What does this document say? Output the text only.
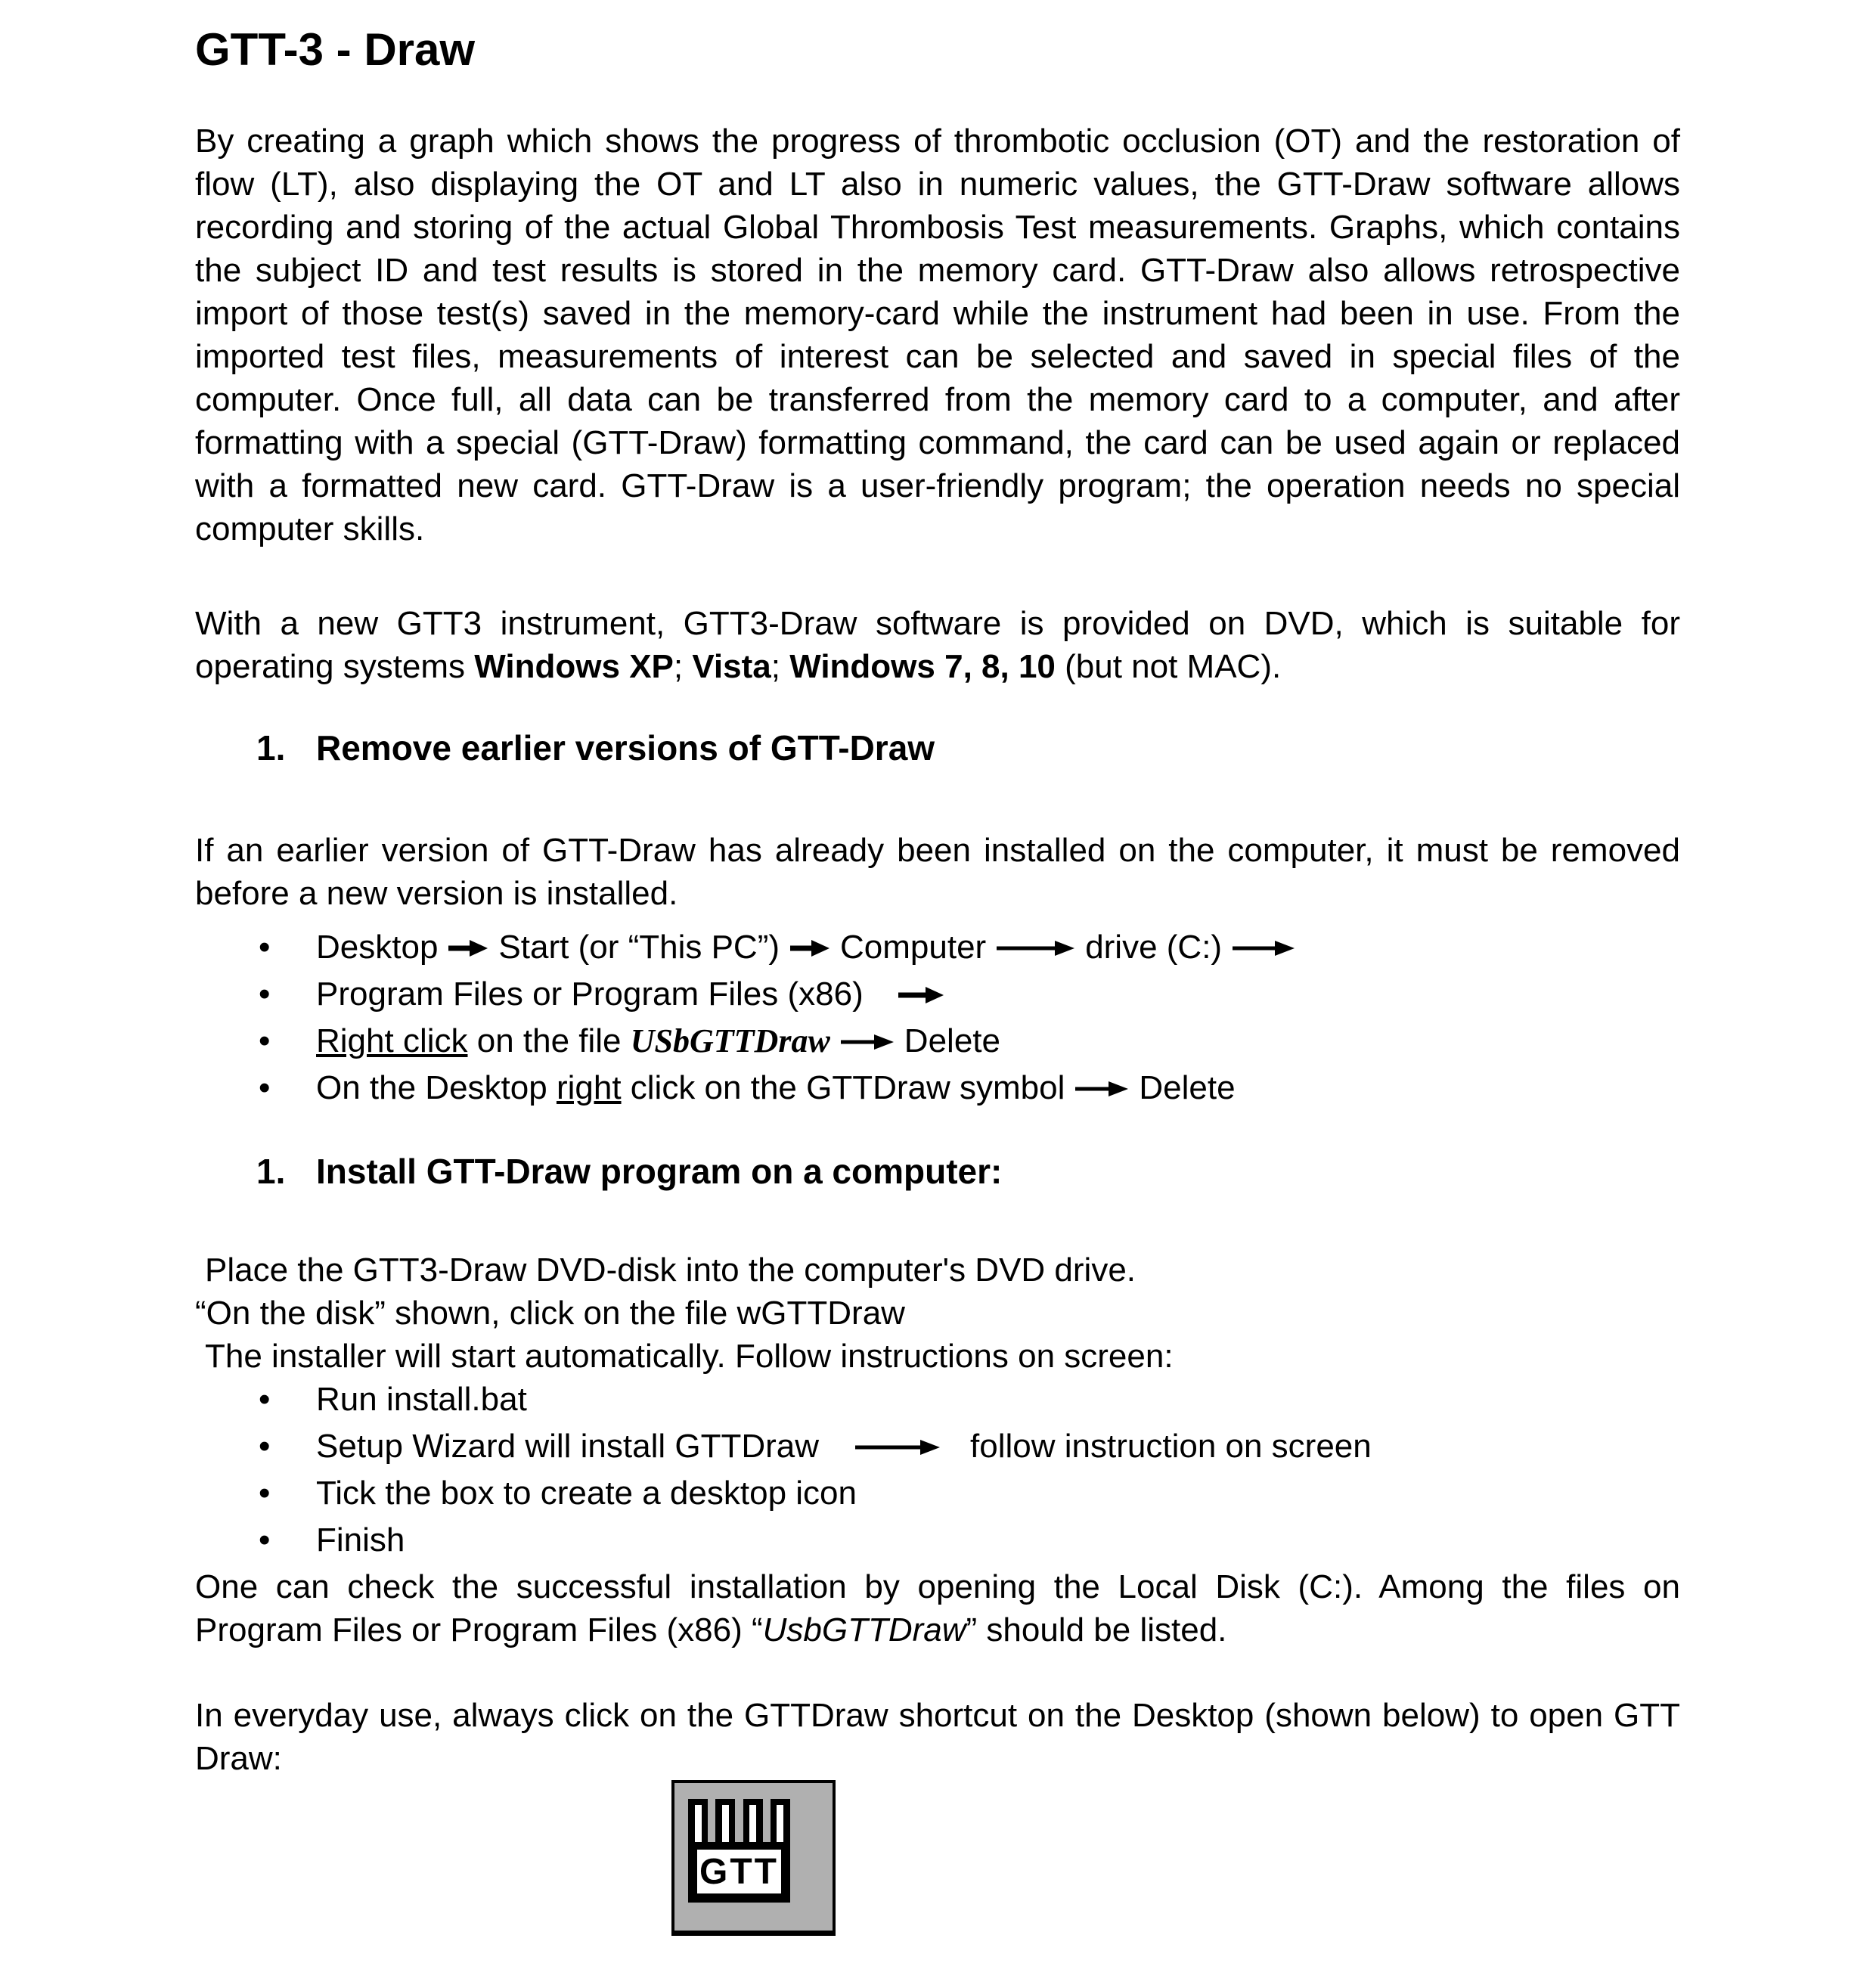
GTT-3 - Draw

By creating a graph which shows the progress of thrombotic occlusion (OT) and the restoration of flow (LT), also displaying the OT and LT also in numeric values, the GTT-Draw software allows recording and storing of the actual Global Thrombosis Test measurements. Graphs, which contains the subject ID and test results is stored in the memory card. GTT-Draw also allows retrospective import of those test(s) saved in the memory-card while the instrument had been in use. From the imported test files, measurements of interest can be selected and saved in special files of the computer. Once full, all data can be transferred from the memory card to a computer, and after formatting with a special (GTT-Draw) formatting command, the card can be used again or replaced with a formatted new card. GTT-Draw is a user-friendly program; the operation needs no special computer skills.

With a new GTT3 instrument, GTT3-Draw software is provided on DVD, which is suitable for operating systems Windows XP; Vista; Windows 7, 8, 10 (but not MAC).

1. Remove earlier versions of GTT-Draw

If an earlier version of GTT-Draw has already been installed on the computer, it must be removed before a new version is installed.

• Desktop Start (or “This PC”) Computer	drive (C:)
• Program Files or Program Files (x86)
• Right click on the file USbGTTDraw Delete
• On the Desktop right click on the GTTDraw symbol Delete
1. Install GTT-Draw program on a computer:

Place the GTT3-Draw DVD-disk into the computer's DVD drive.

“On the disk” shown, click on the file wGTTDraw

The installer will start automatically. Follow instructions on screen:

• Run install.bat
• Setup Wizard will install GTTDraw	follow instruction on screen
• Tick the box to create a desktop icon
• Finish

One can check the successful installation by opening the Local Disk (C:). Among the files on Program Files or Program Files (x86) “UsbGTTDraw” should be listed.

In everyday use, always click on the GTTDraw shortcut on the Desktop (shown below) to open GTT Draw:

GTT
